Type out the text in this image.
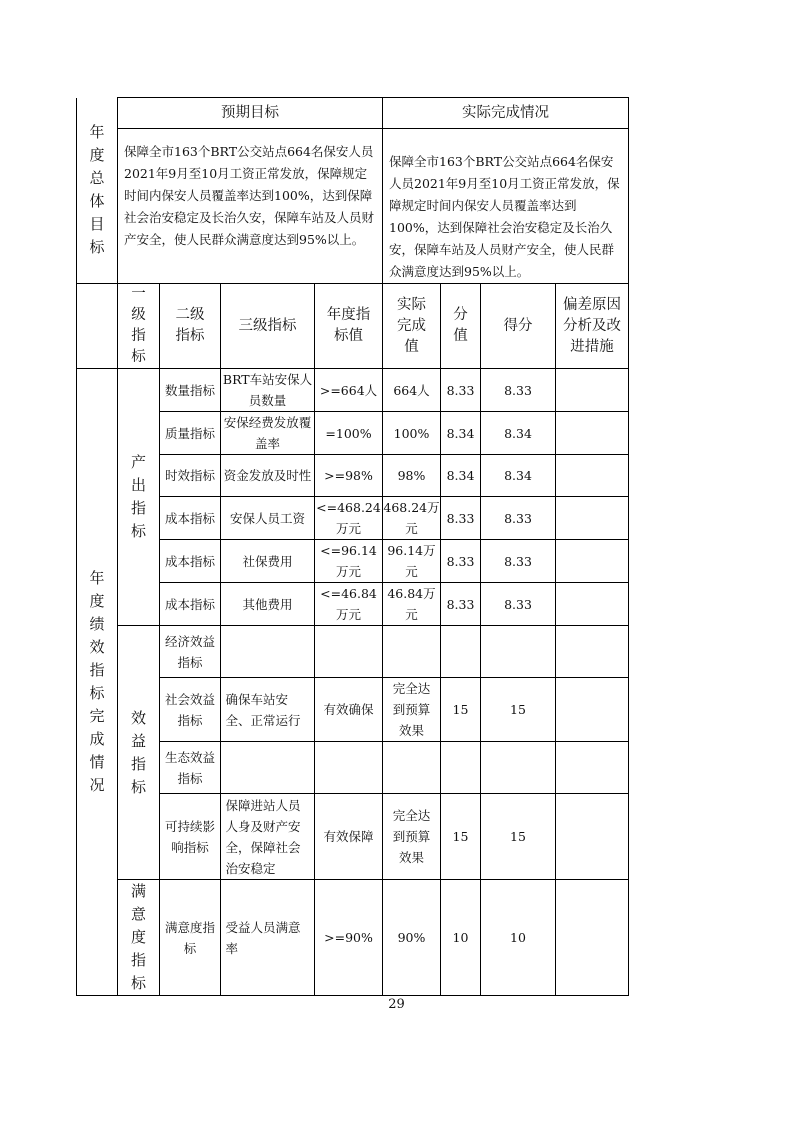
年度总体目标	预期目标				实际完成情况			
	保障全市163个BRT公交站点664名保安人员2021年9月至10月工资正常发放，保障规定时间内保安人员覆盖率达到100%，达到保障社会治安稳定及长治久安，保障车站及人员财产安全，使人民群众满意度达到95%以上。				保障全市163个BRT公交站点664名保安人员2021年9月至10月工资正常发放，保障规定时间内保安人员覆盖率达到100%，达到保障社会治安稳定及长治久安，保障车站及人员财产安全，使人民群众满意度达到95%以上。			
	一级指标	二级指标	三级指标	年度指标值	实际完成值	分值	得分	偏差原因分析及改进措施
年度绩效指标完成情况	产出指标	数量指标	BRT车站安保人员数量	>=664人	664人	8.33	8.33	
		质量指标	安保经费发放覆盖率	=100%	100%	8.34	8.34	
		时效指标	资金发放及时性	>=98%	98%	8.34	8.34	
		成本指标	安保人员工资	<=468.24万元	468.24万元	8.33	8.33	
		成本指标	社保费用	<=96.14万元	96.14万元	8.33	8.33	
		成本指标	其他费用	<=46.84万元	46.84万元	8.33	8.33	
	效益指标	经济效益指标						
		社会效益指标	确保车站安全、正常运行	有效确保	完全达到预算效果	15	15	
		生态效益指标						
		可持续影响指标	保障进站人员人身及财产安全，保障社会治安稳定	有效保障	完全达到预算效果	15	15	
	满意度指标	满意度指标	受益人员满意率	>=90%	90%	10	10	
29
